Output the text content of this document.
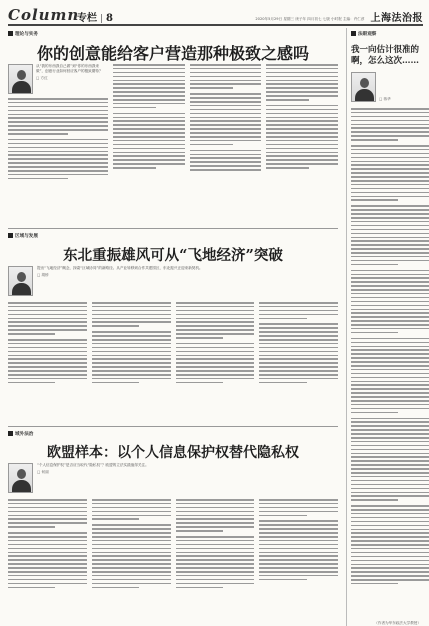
Column
专栏 | 8	2020年5月29日 星期三 庚子年 四月初七 七版 小时报 主编：许仁淳 上海法治报
理论与实务
你的创意能给客户营造那种极致之感吗
从“我的东西我自己做”到“你的东西我来做”，创意行业如何回应客户的极致期待？
□ 方红
区域与发展
东北重振雄风可从“飞地经济”突破
提出“飞地经济”概念，探索“区域协同”的新路径。从产业转移到合作共建园区，东北振兴正迎来新契机。
□ 胡桥
域外法治
欧盟样本：以个人信息保护权替代隐私权
“个人信息保护权”是否应当取代“隐私权”？欧盟的立法实践值得关注。
□ 何丽
法眼观察
我一向估计很准的啊，怎么这次……
□ 蒋华
（作者为华东政法大学教授）
